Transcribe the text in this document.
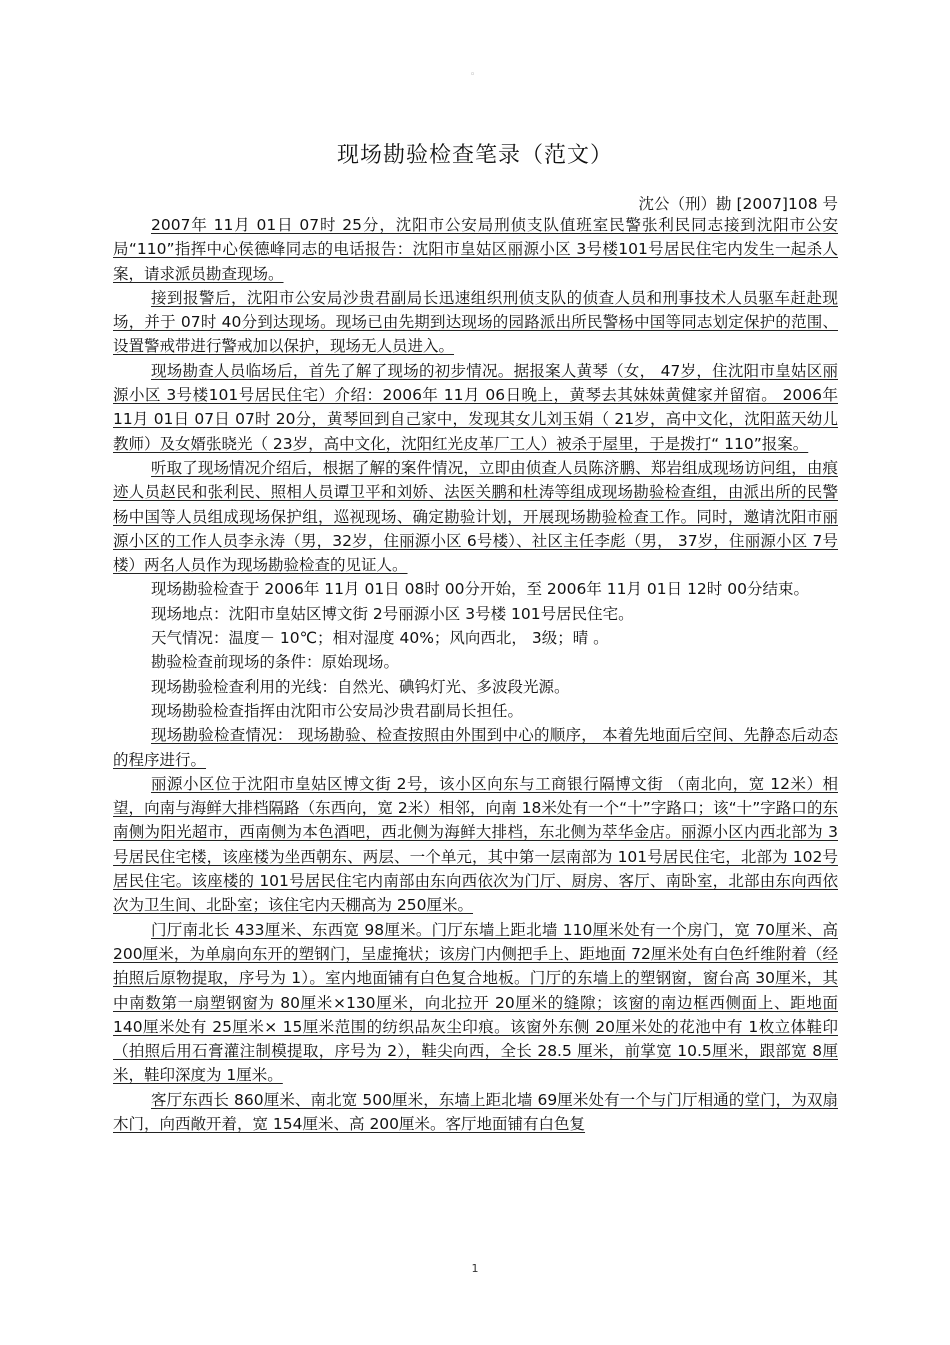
◦
现场勘验检查笔录（范文）
沈公（刑）勘 [2007]108 号

2007年 11月 01日 07时 25分，沈阳市公安局刑侦支队值班室民警张利民同志接到沈阳市公安局“110”指挥中心侯德峰同志的电话报告：沈阳市皇姑区丽源小区 3号楼101号居民住宅内发生一起杀人案，请求派员勘查现场。

接到报警后，沈阳市公安局沙贵君副局长迅速组织刑侦支队的侦查人员和刑事技术人员驱车赶赴现场，并于 07时 40分到达现场。现场已由先期到达现场的园路派出所民警杨中国等同志划定保护的范围、设置警戒带进行警戒加以保护，现场无人员进入。

现场勘查人员临场后，首先了解了现场的初步情况。据报案人黄琴（女， 47岁，住沈阳市皇姑区丽源小区 3号楼101号居民住宅）介绍：2006年 11月 06日晚上，黄琴去其妹妹黄健家并留宿。 2006年 11月 01日 07日 07时 20分，黄琴回到自己家中，发现其女儿刘玉娟（ 21岁，高中文化，沈阳蓝天幼儿教师）及女婿张晓光（ 23岁，高中文化，沈阳红光皮革厂工人）被杀于屋里，于是拨打“ 110”报案。

听取了现场情况介绍后，根据了解的案件情况，立即由侦查人员陈济鹏、郑岩组成现场访问组，由痕迹人员赵民和张利民、照相人员谭卫平和刘娇、法医关鹏和杜涛等组成现场勘验检查组，由派出所的民警杨中国等人员组成现场保护组，巡视现场、确定勘验计划，开展现场勘验检查工作。同时，邀请沈阳市丽源小区的工作人员李永涛（男，32岁，住丽源小区 6号楼）、社区主任李彪（男， 37岁，住丽源小区 7号楼）两名人员作为现场勘验检查的见证人。

现场勘验检查于 2006年 11月 01日 08时 00分开始，至 2006年 11月 01日 12时 00分结束。

现场地点：沈阳市皇姑区博文街 2号丽源小区 3号楼 101号居民住宅。

天气情况：温度－ 10℃；相对湿度 40%；风向西北， 3级；晴 。

勘验检查前现场的条件：原始现场。

现场勘验检查利用的光线：自然光、碘钨灯光、多波段光源。

现场勘验检查指挥由沈阳市公安局沙贵君副局长担任。

现场勘验检查情况： 现场勘验、检查按照由外围到中心的顺序， 本着先地面后空间、先静态后动态的程序进行。

丽源小区位于沈阳市皇姑区博文街 2号，该小区向东与工商银行隔博文街 （南北向，宽 12米）相望，向南与海鲜大排档隔路（东西向，宽 2米）相邻，向南 18米处有一个“十”字路口；该“十”字路口的东南侧为阳光超市，西南侧为本色酒吧，西北侧为海鲜大排档，东北侧为萃华金店。丽源小区内西北部为 3号居民住宅楼，该座楼为坐西朝东、两层、一个单元，其中第一层南部为 101号居民住宅，北部为 102号居民住宅。该座楼的 101号居民住宅内南部由东向西依次为门厅、厨房、客厅、南卧室，北部由东向西依次为卫生间、北卧室；该住宅内天棚高为 250厘米。

门厅南北长 433厘米、东西宽 98厘米。门厅东墙上距北墙 110厘米处有一个房门，宽 70厘米、高 200厘米，为单扇向东开的塑钢门，呈虚掩状；该房门内侧把手上、距地面 72厘米处有白色纤维附着（经拍照后原物提取，序号为 1）。室内地面铺有白色复合地板。门厅的东墙上的塑钢窗，窗台高 30厘米，其中南数第一扇塑钢窗为 80厘米×130厘米，向北拉开 20厘米的缝隙；该窗的南边框西侧面上、距地面 140厘米处有 25厘米× 15厘米范围的纺织品灰尘印痕。该窗外东侧 20厘米处的花池中有 1枚立体鞋印（拍照后用石膏灌注制模提取，序号为 2），鞋尖向西，全长 28.5 厘米，前掌宽 10.5厘米，跟部宽 8厘米，鞋印深度为 1厘米。

客厅东西长 860厘米、南北宽 500厘米，东墙上距北墙 69厘米处有一个与门厅相通的堂门，为双扇木门，向西敞开着，宽 154厘米、高 200厘米。客厅地面铺有白色复

1
